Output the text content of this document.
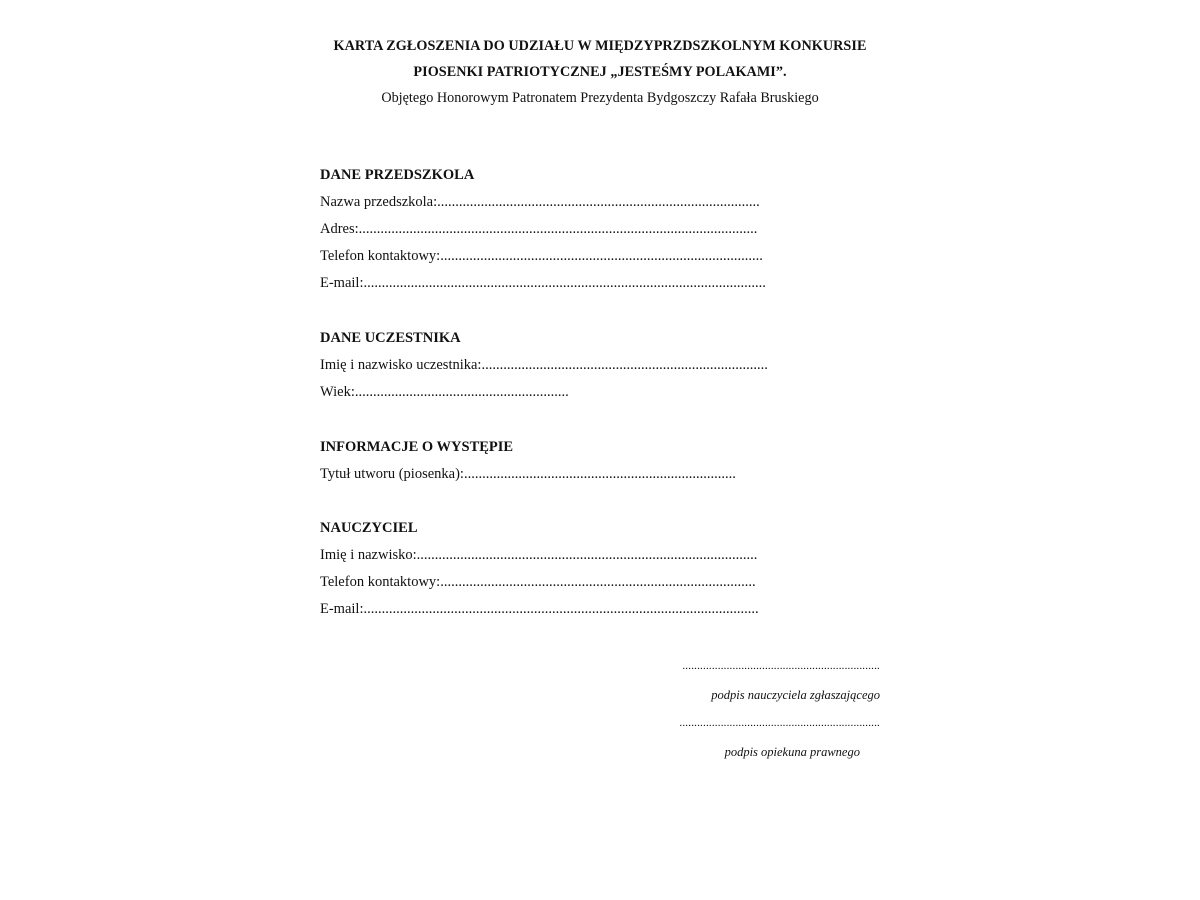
KARTA ZGŁOSZENIA DO UDZIAŁU W MIĘDZYPRZDSZKOLNYM KONKURSIE
PIOSENKI PATRIOTYCZNEJ „JESTEŚMY POLAKAMI”.
Objętego Honorowym Patronatem Prezydenta Bydgoszczy Rafała Bruskiego
DANE PRZEDSZKOLA
Nazwa przedszkola:.........................................................................................
Adres:..............................................................................................................
Telefon kontaktowy:.........................................................................................
E-mail:...............................................................................................................
DANE UCZESTNIKA
Imię i nazwisko uczestnika:...............................................................................
Wiek:...........................................................
INFORMACJE O WYSTĘPIE
Tytuł utworu (piosenka):...........................................................................
NAUCZYCIEL
Imię i nazwisko:..............................................................................................
Telefon kontaktowy:.......................................................................................
E-mail:.............................................................................................................
...................................................................
podpis nauczyciela zgłaszającego
....................................................................
podpis opiekuna prawnego
